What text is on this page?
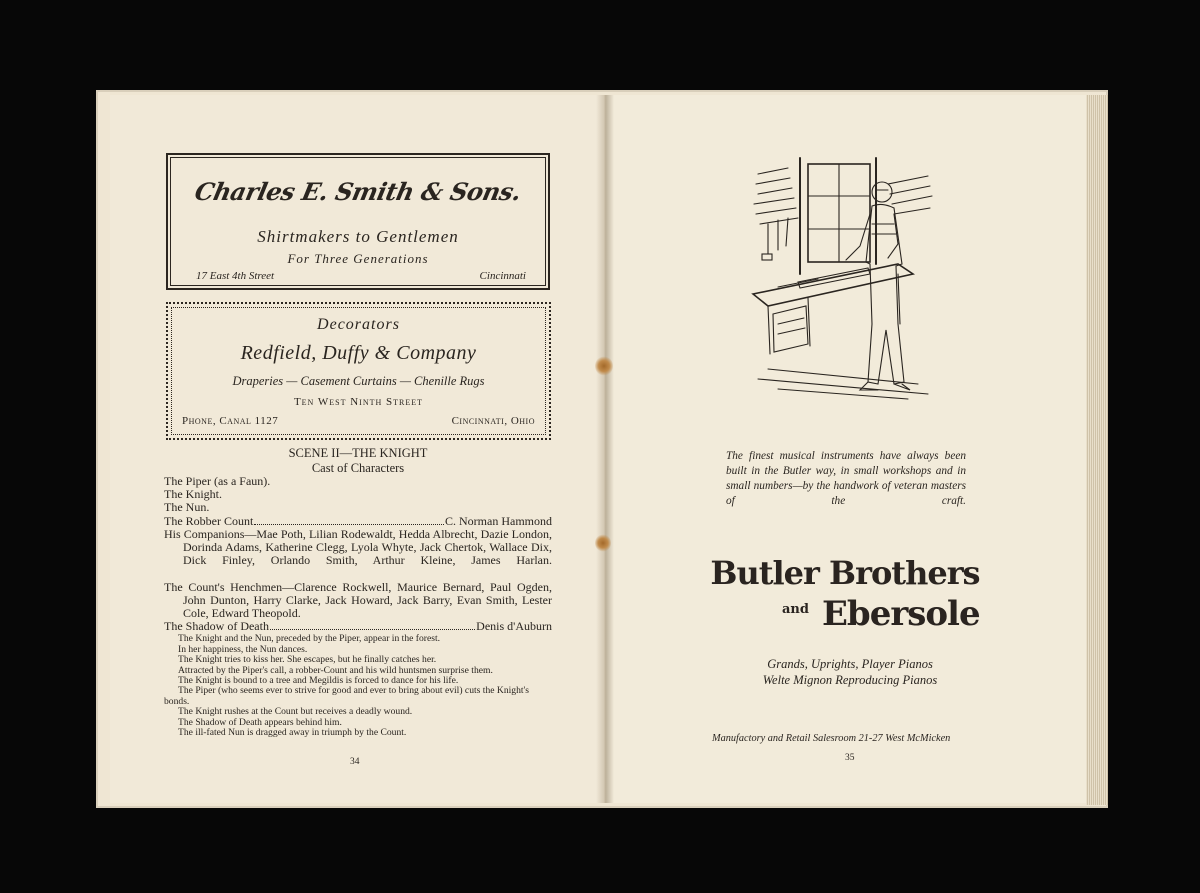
Charles E. Smith & Sons.
Shirtmakers to Gentlemen
For Three Generations
17 East 4th Street	Cincinnati
Decorators
Redfield, Duffy & Company
Draperies — Casement Curtains — Chenille Rugs
Ten West Ninth Street
Phone, Canal 1127	Cincinnati, Ohio
SCENE II—THE KNIGHT
Cast of Characters
The Piper (as a Faun).
The Knight.
The Nun.
The Robber Count	C. Norman Hammond
His Companions—Mae Poth, Lilian Rodewaldt, Hedda Albrecht, Dazie London, Dorinda Adams, Katherine Clegg, Lyola Whyte, Jack Chertok, Wallace Dix, Dick Finley, Orlando Smith, Arthur Kleine, James Harlan.
The Count's Henchmen—Clarence Rockwell, Maurice Bernard, Paul Ogden, John Dunton, Harry Clarke, Jack Howard, Jack Barry, Evan Smith, Lester Cole, Edward Theopold.
The Shadow of Death	Denis d'Auburn
The Knight and the Nun, preceded by the Piper, appear in the forest.
In her happiness, the Nun dances.
The Knight tries to kiss her. She escapes, but he finally catches her.
Attracted by the Piper's call, a robber-Count and his wild huntsmen surprise them.
The Knight is bound to a tree and Megildis is forced to dance for his life.
The Piper (who seems ever to strive for good and ever to bring about evil) cuts the Knight's bonds.
The Knight rushes at the Count but receives a deadly wound.
The Shadow of Death appears behind him.
The ill-fated Nun is dragged away in triumph by the Count.
34
The finest musical instruments have always been built in the Butler way, in small workshops and in small numbers—by the handwork of veteran masters of the craft.
Butler Brothers
and Ebersole
Grands, Uprights, Player Pianos
Welte Mignon Reproducing Pianos
Manufactory and Retail Salesroom 21-27 West McMicken
35
